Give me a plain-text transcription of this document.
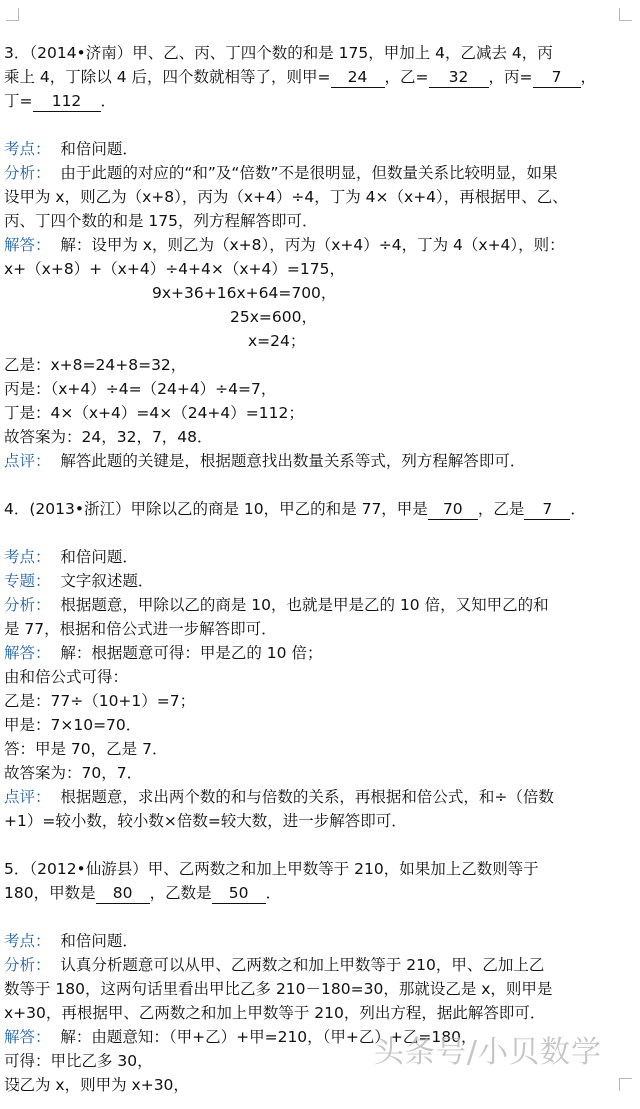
3．（2014•济南）甲、乙、丙、丁四个数的和是 175，甲加上 4，乙减去 4，丙
乘上 4，丁除以 4 后，四个数就相等了，则甲= 24 ，乙= 32 ，丙= 7 ，
丁= 112 ．
考点：  和倍问题．
分析：  由于此题的对应的“和”及“倍数”不是很明显，但数量关系比较明显，如果
设甲为 x，则乙为（x+8），丙为（x+4）÷4，丁为 4×（x+4），再根据甲、乙、
丙、丁四个数的和是 175，列方程解答即可．
解答：  解：设甲为 x，则乙为（x+8），丙为（x+4）÷4，丁为 4（x+4），则：
x+（x+8）+（x+4）÷4+4×（x+4）=175，
9x+36+16x+64=700，
25x=600，
x=24；
乙是：x+8=24+8=32，
丙是：（x+4）÷4=（24+4）÷4=7，
丁是：4×（x+4）=4×（24+4）=112；
故答案为：24，32，7，48．
点评：  解答此题的关键是，根据题意找出数量关系等式，列方程解答即可．
4．(2013•浙江）甲除以乙的商是 10，甲乙的和是 77，甲是 70 ，乙是 7 ．
考点：  和倍问题．
专题：  文字叙述题．
分析：  根据题意，甲除以乙的商是 10，也就是甲是乙的 10 倍，又知甲乙的和
是 77，根据和倍公式进一步解答即可．
解答：  解：根据题意可得：甲是乙的 10 倍；
由和倍公式可得：
乙是：77÷（10+1）=7；
甲是：7×10=70．
答：甲是 70，乙是 7．
故答案为：70，7．
点评：  根据题意，求出两个数的和与倍数的关系，再根据和倍公式，和÷（倍数
+1）=较小数，较小数×倍数=较大数，进一步解答即可．
5．（2012•仙游县）甲、乙两数之和加上甲数等于 210，如果加上乙数则等于
180，甲数是 80 ，乙数是 50 ．
考点：  和倍问题．
分析：  认真分析题意可以从甲、乙两数之和加上甲数等于 210，甲、乙加上乙
数等于 180，这两句话里看出甲比乙多 210－180=30，那就设乙是 x，则甲是
x+30，再根据甲、乙两数之和加上甲数等于 210，列出方程，据此解答即可．
解答：  解：由题意知：（甲+乙）+甲=210，（甲+乙）+乙=180，
可得：甲比乙多 30，
设乙为 x，则甲为 x+30，
头条号/小贝数学
